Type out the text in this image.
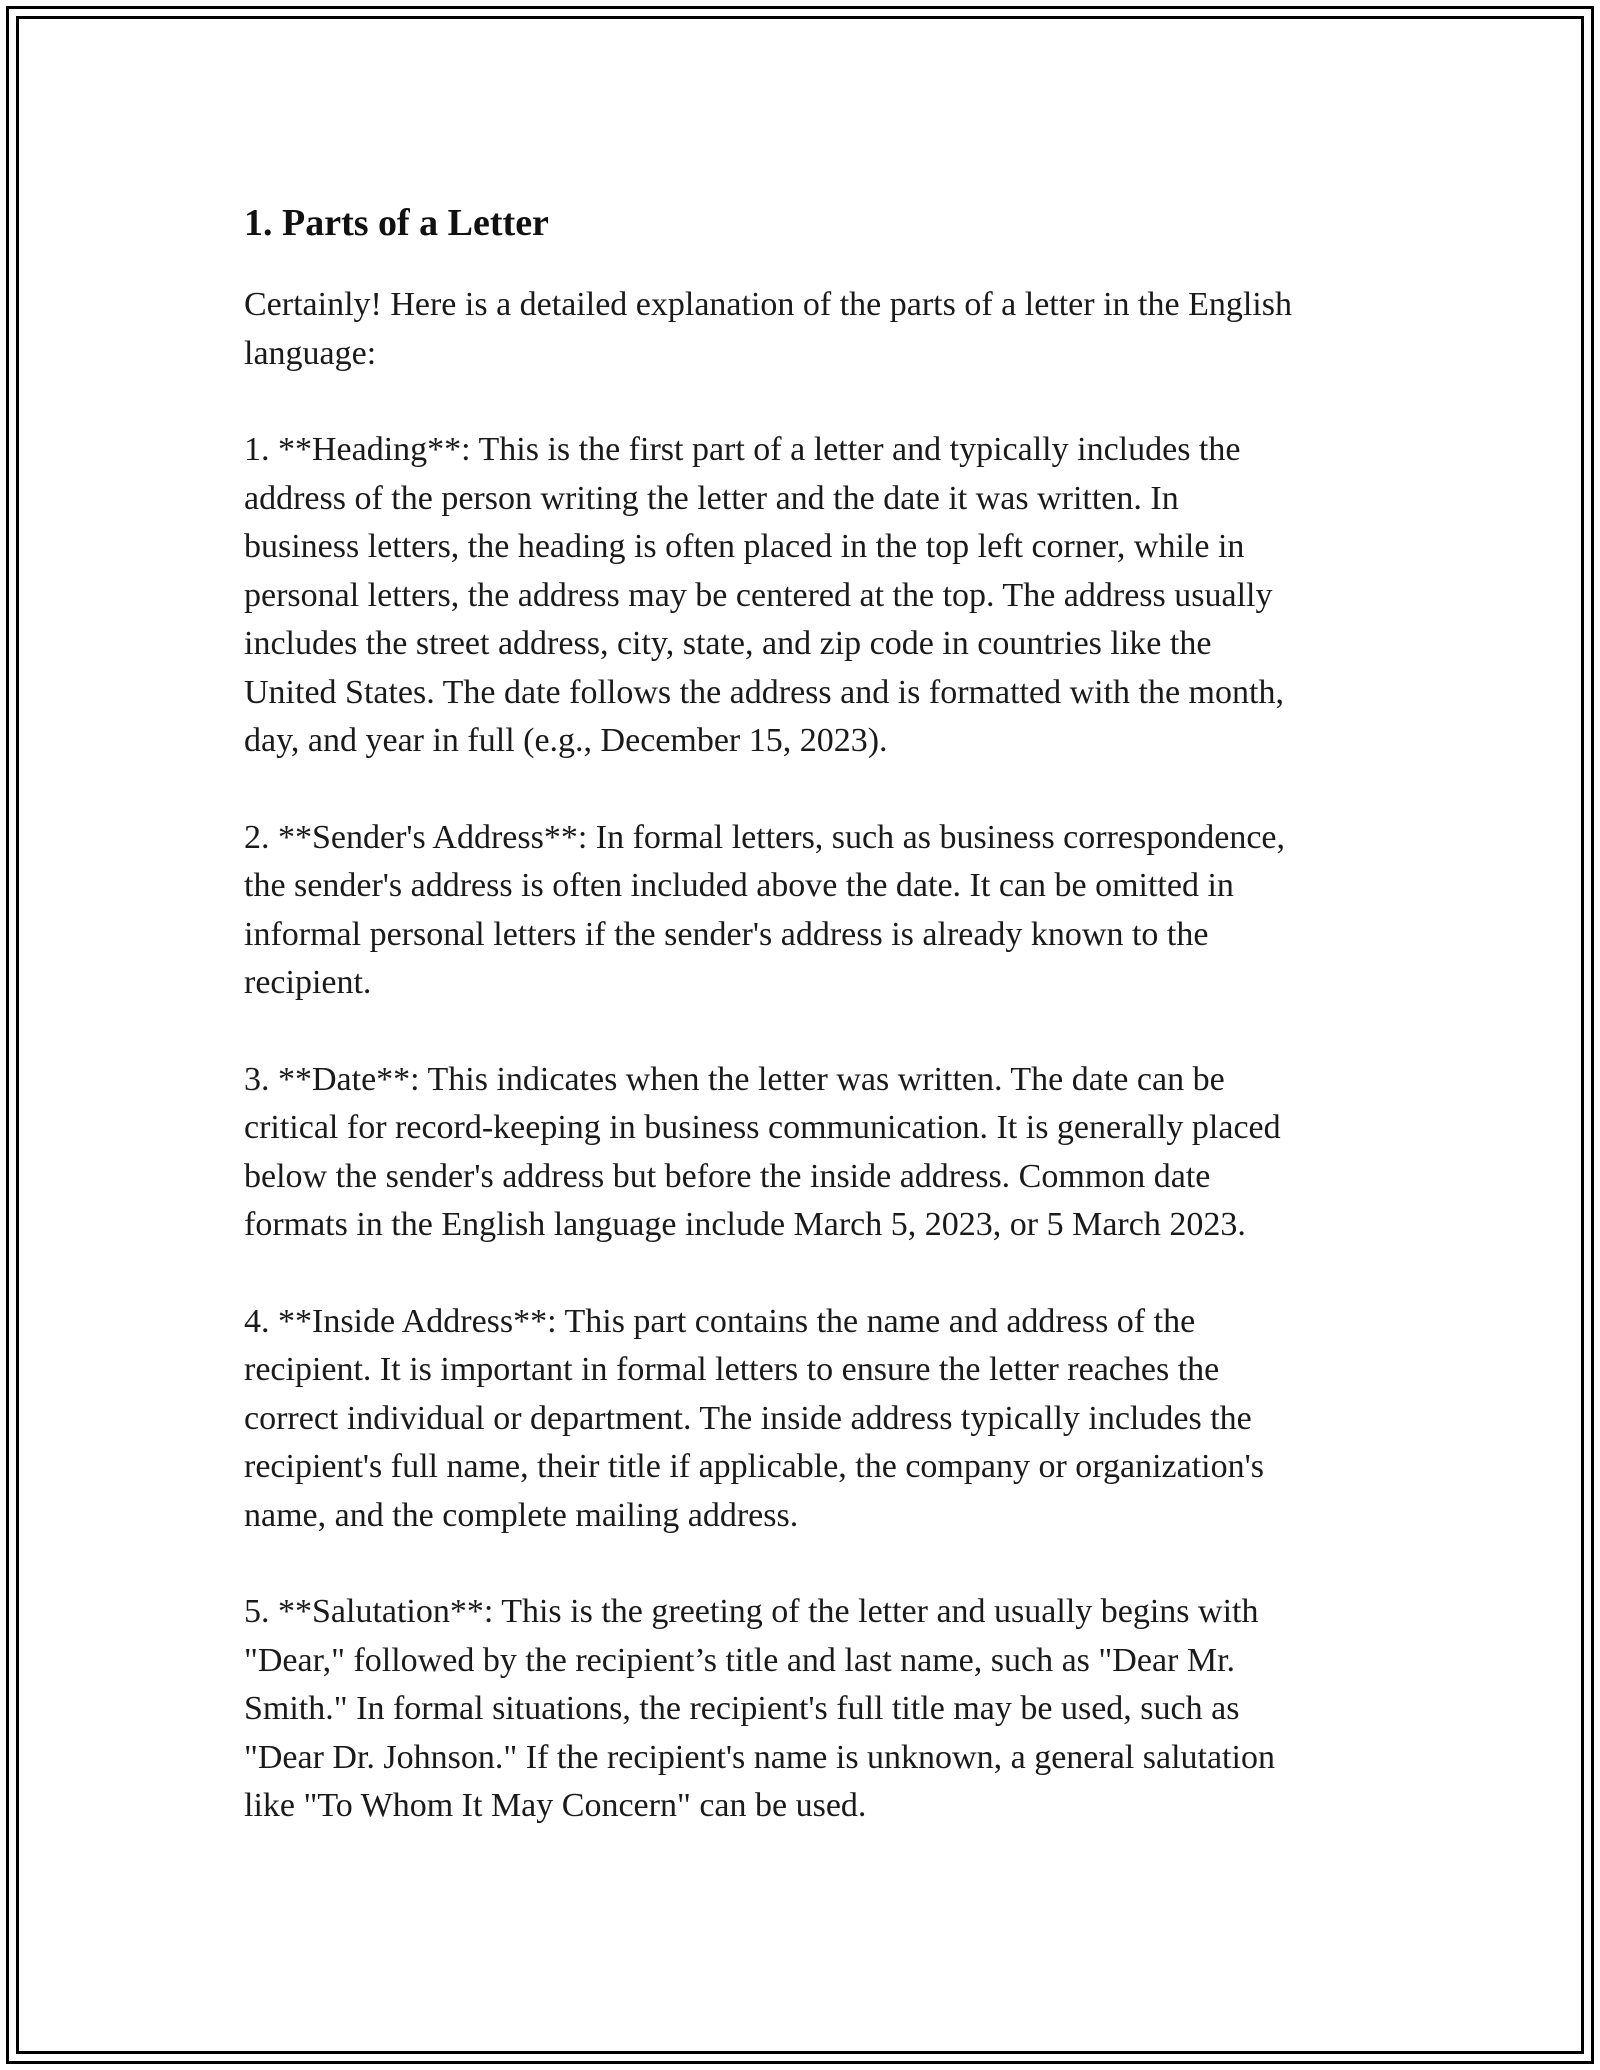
1. Parts of a Letter

Certainly! Here is a detailed explanation of the parts of a letter in the English
language:

1. **Heading**: This is the first part of a letter and typically includes the
address of the person writing the letter and the date it was written. In
business letters, the heading is often placed in the top left corner, while in
personal letters, the address may be centered at the top. The address usually
includes the street address, city, state, and zip code in countries like the
United States. The date follows the address and is formatted with the month,
day, and year in full (e.g., December 15, 2023).

2. **Sender's Address**: In formal letters, such as business correspondence,
the sender's address is often included above the date. It can be omitted in
informal personal letters if the sender's address is already known to the
recipient.

3. **Date**: This indicates when the letter was written. The date can be
critical for record-keeping in business communication. It is generally placed
below the sender's address but before the inside address. Common date
formats in the English language include March 5, 2023, or 5 March 2023.

4. **Inside Address**: This part contains the name and address of the
recipient. It is important in formal letters to ensure the letter reaches the
correct individual or department. The inside address typically includes the
recipient's full name, their title if applicable, the company or organization's
name, and the complete mailing address.

5. **Salutation**: This is the greeting of the letter and usually begins with
"Dear," followed by the recipient’s title and last name, such as "Dear Mr.
Smith." In formal situations, the recipient's full title may be used, such as
"Dear Dr. Johnson." If the recipient's name is unknown, a general salutation
like "To Whom It May Concern" can be used.
